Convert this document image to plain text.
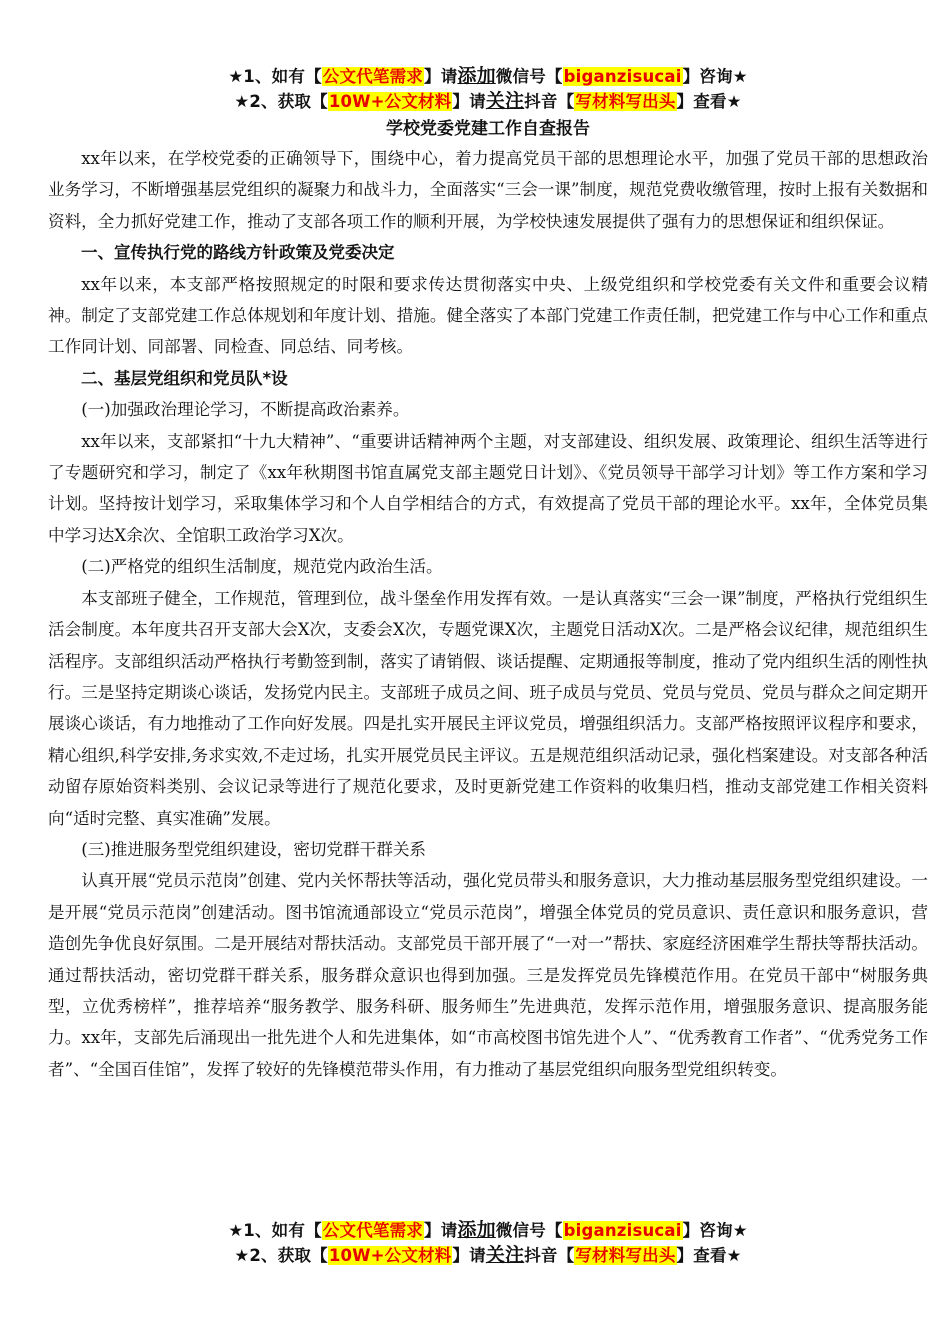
★1、如有【公文代笔需求】请添加微信号【biganzisucai】咨询★
★2、获取【10W+公文材料】请关注抖音【写材料写出头】查看★
学校党委党建工作自查报告

xx年以来，在学校党委的正确领导下，围绕中心，着力提高党员干部的思想理论水平，加强了党员干部的思想政治业务学习，不断增强基层党组织的凝聚力和战斗力，全面落实“三会一课”制度，规范党费收缴管理，按时上报有关数据和资料，全力抓好党建工作，推动了支部各项工作的顺利开展，为学校快速发展提供了强有力的思想保证和组织保证。

一、宣传执行党的路线方针政策及党委决定

xx年以来，本支部严格按照规定的时限和要求传达贯彻落实中央、上级党组织和学校党委有关文件和重要会议精神。制定了支部党建工作总体规划和年度计划、措施。健全落实了本部门党建工作责任制，把党建工作与中心工作和重点工作同计划、同部署、同检查、同总结、同考核。

二、基层党组织和党员队*设

(一)加强政治理论学习，不断提高政治素养。

xx年以来，支部紧扣“十九大精神”、“重要讲话精神两个主题，对支部建设、组织发展、政策理论、组织生活等进行了专题研究和学习，制定了《xx年秋期图书馆直属党支部主题党日计划》、《党员领导干部学习计划》等工作方案和学习计划。坚持按计划学习，采取集体学习和个人自学相结合的方式，有效提高了党员干部的理论水平。xx年，全体党员集中学习达X余次、全馆职工政治学习X次。

(二)严格党的组织生活制度，规范党内政治生活。

本支部班子健全，工作规范，管理到位，战斗堡垒作用发挥有效。一是认真落实“三会一课”制度，严格执行党组织生活会制度。本年度共召开支部大会X次，支委会X次，专题党课X次，主题党日活动X次。二是严格会议纪律，规范组织生活程序。支部组织活动严格执行考勤签到制，落实了请销假、谈话提醒、定期通报等制度，推动了党内组织生活的刚性执行。三是坚持定期谈心谈话，发扬党内民主。支部班子成员之间、班子成员与党员、党员与党员、党员与群众之间定期开展谈心谈话，有力地推动了工作向好发展。四是扎实开展民主评议党员，增强组织活力。支部严格按照评议程序和要求，精心组织,科学安排,务求实效,不走过场，扎实开展党员民主评议。五是规范组织活动记录，强化档案建设。对支部各种活动留存原始资料类别、会议记录等进行了规范化要求，及时更新党建工作资料的收集归档，推动支部党建工作相关资料向“适时完整、真实准确”发展。

(三)推进服务型党组织建设，密切党群干群关系

认真开展“党员示范岗”创建、党内关怀帮扶等活动，强化党员带头和服务意识，大力推动基层服务型党组织建设。一是开展“党员示范岗”创建活动。图书馆流通部设立“党员示范岗”，增强全体党员的党员意识、责任意识和服务意识，营造创先争优良好氛围。二是开展结对帮扶活动。支部党员干部开展了“一对一”帮扶、家庭经济困难学生帮扶等帮扶活动。通过帮扶活动，密切党群干群关系，服务群众意识也得到加强。三是发挥党员先锋模范作用。在党员干部中“树服务典型，立优秀榜样”，推荐培养“服务教学、服务科研、服务师生”先进典范，发挥示范作用，增强服务意识、提高服务能力。xx年，支部先后涌现出一批先进个人和先进集体，如“市高校图书馆先进个人”、“优秀教育工作者”、“优秀党务工作者”、“全国百佳馆”，发挥了较好的先锋模范带头作用，有力推动了基层党组织向服务型党组织转变。

★1、如有【公文代笔需求】请添加微信号【biganzisucai】咨询★
★2、获取【10W+公文材料】请关注抖音【写材料写出头】查看★
